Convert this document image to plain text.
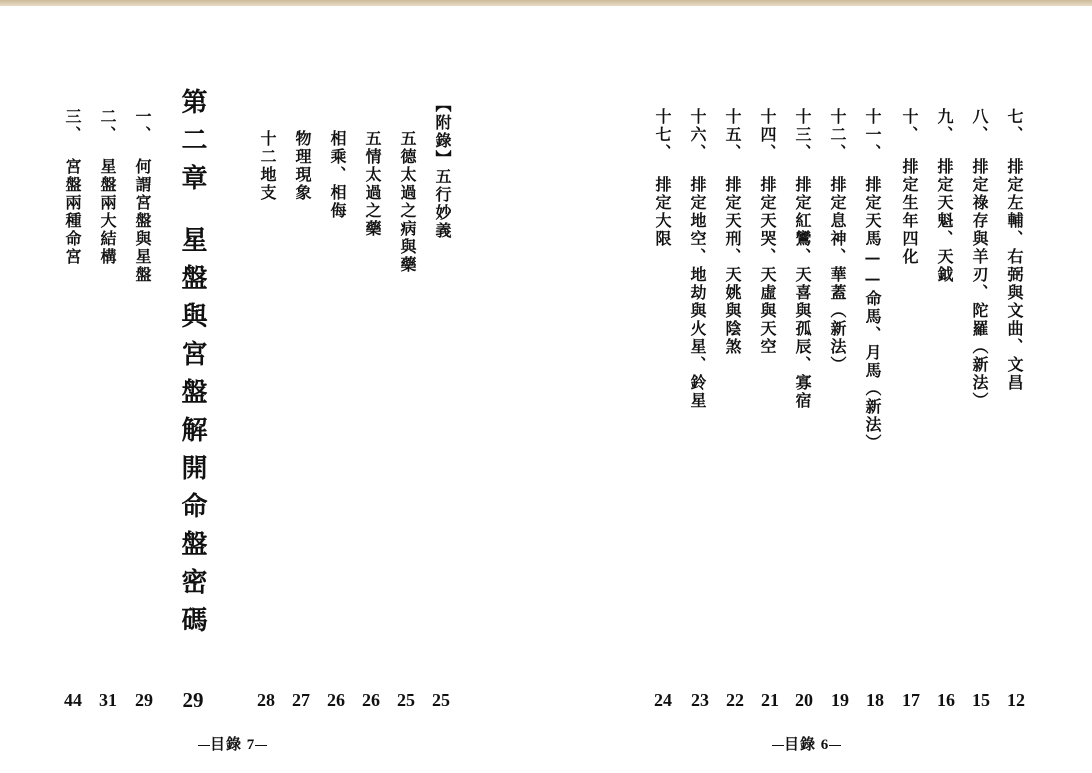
七、排定左輔、右弼與文曲、文昌
八、排定祿存與羊刃、陀羅（新法）
九、排定天魁、天鉞
十、排定生年四化
十一、排定天馬——命馬、月馬（新法）
十二、排定息神、華蓋（新法）
十三、排定紅鸞、天喜與孤辰、寡宿
十四、排定天哭、天虛與天空
十五、排定天刑、天姚與陰煞
十六、排定地空、地劫與火星、鈴星
十七、排定大限
12
15
16
17
18
19
20
21
22
23
24
目錄 6
【附錄】五行妙義
五德太過之病與藥
五情太過之藥
相乘、相侮
物理現象
十二地支
第二章星盤與宮盤解開命盤密碼
一、何謂宮盤與星盤
二、星盤兩大結構
三、宮盤兩種命宮
25
25
26
26
27
28
29
29
31
44
目錄 7
